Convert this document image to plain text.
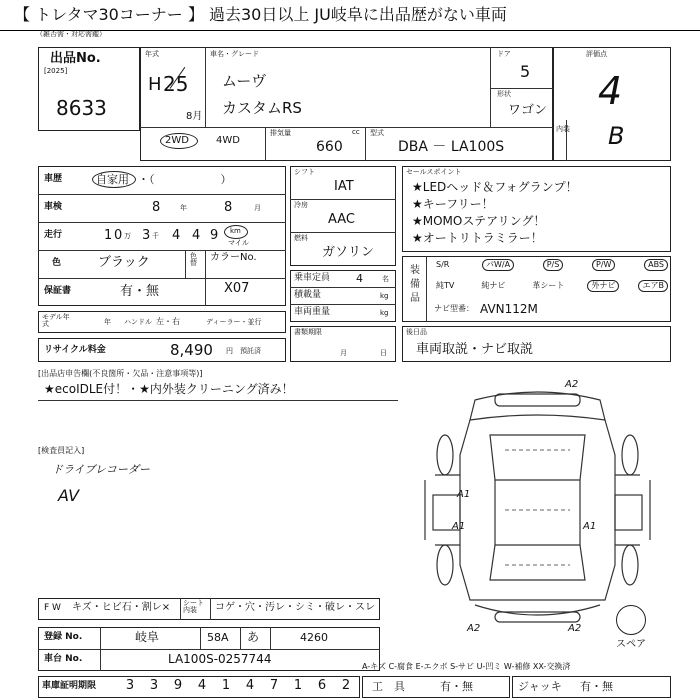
【 トレタマ30コーナー 】 過去30日以上 JU岐阜に出品歴がない車両
（雑否需・対応需鑑）
出品No.
[2025]
8633
年式
H 25
8月
車名・グレード
ムーヴ
カスタムRS
ドア
5
形状
ワゴン
2WD	4WD
排気量	cc
660
型式
DBA － LA100S
評価点
4
内装 B
車歴	自家用 ・（　　　　　　）
車検	8	年	8	月
走行	1 0 万 3 千 4 4 9 km
マイル
色	ブラック	色替	カラーNo.
X07
保証書	有・無
モデル年式	年 ハンドル 左・右	ディーラー・並行
リサイクル料金	8,490 円 預託済
シフト
IAT
冷房
AAC
燃料
ガソリン
乗車定員 4	名
積載量	kg
車両重量	kg
書類期限
月	日
セールスポイント
★LEDヘッド＆フォグランプ！
★キーフリー！
★MOMOステアリング！
★オートリトラミラー！
装備品
S/R	パW/A	P/S	P/W	ABS
純TV	純ナビ	革シート	外ナビ	エアB
ナビ型番： AVN112M
後日品
車両取説・ナビ取説
[出品店申告欄(不良箇所・欠品・注意事項等)]
★ecoIDLE付！・★内外装クリーニング済み！
[検査員記入]
ドライブレコーダー
AV	A1
A1	A1
A2
A2	A2
スペア
F W キズ・ヒビ石・割レ× シート内装	コゲ・穴・汚レ・シミ・破レ・スレ
登録 No.	岐阜	58A あ	4260
車台 No.	LA100S-0257744
A-キズ C-腐食 E-エクボ S-サビ U-凹ミ W-補修 XX-交換済
車庫証明期限 3 3 9 4 1 4 7 1 6 2 工　具	有・無	ジャッキ 有・無
